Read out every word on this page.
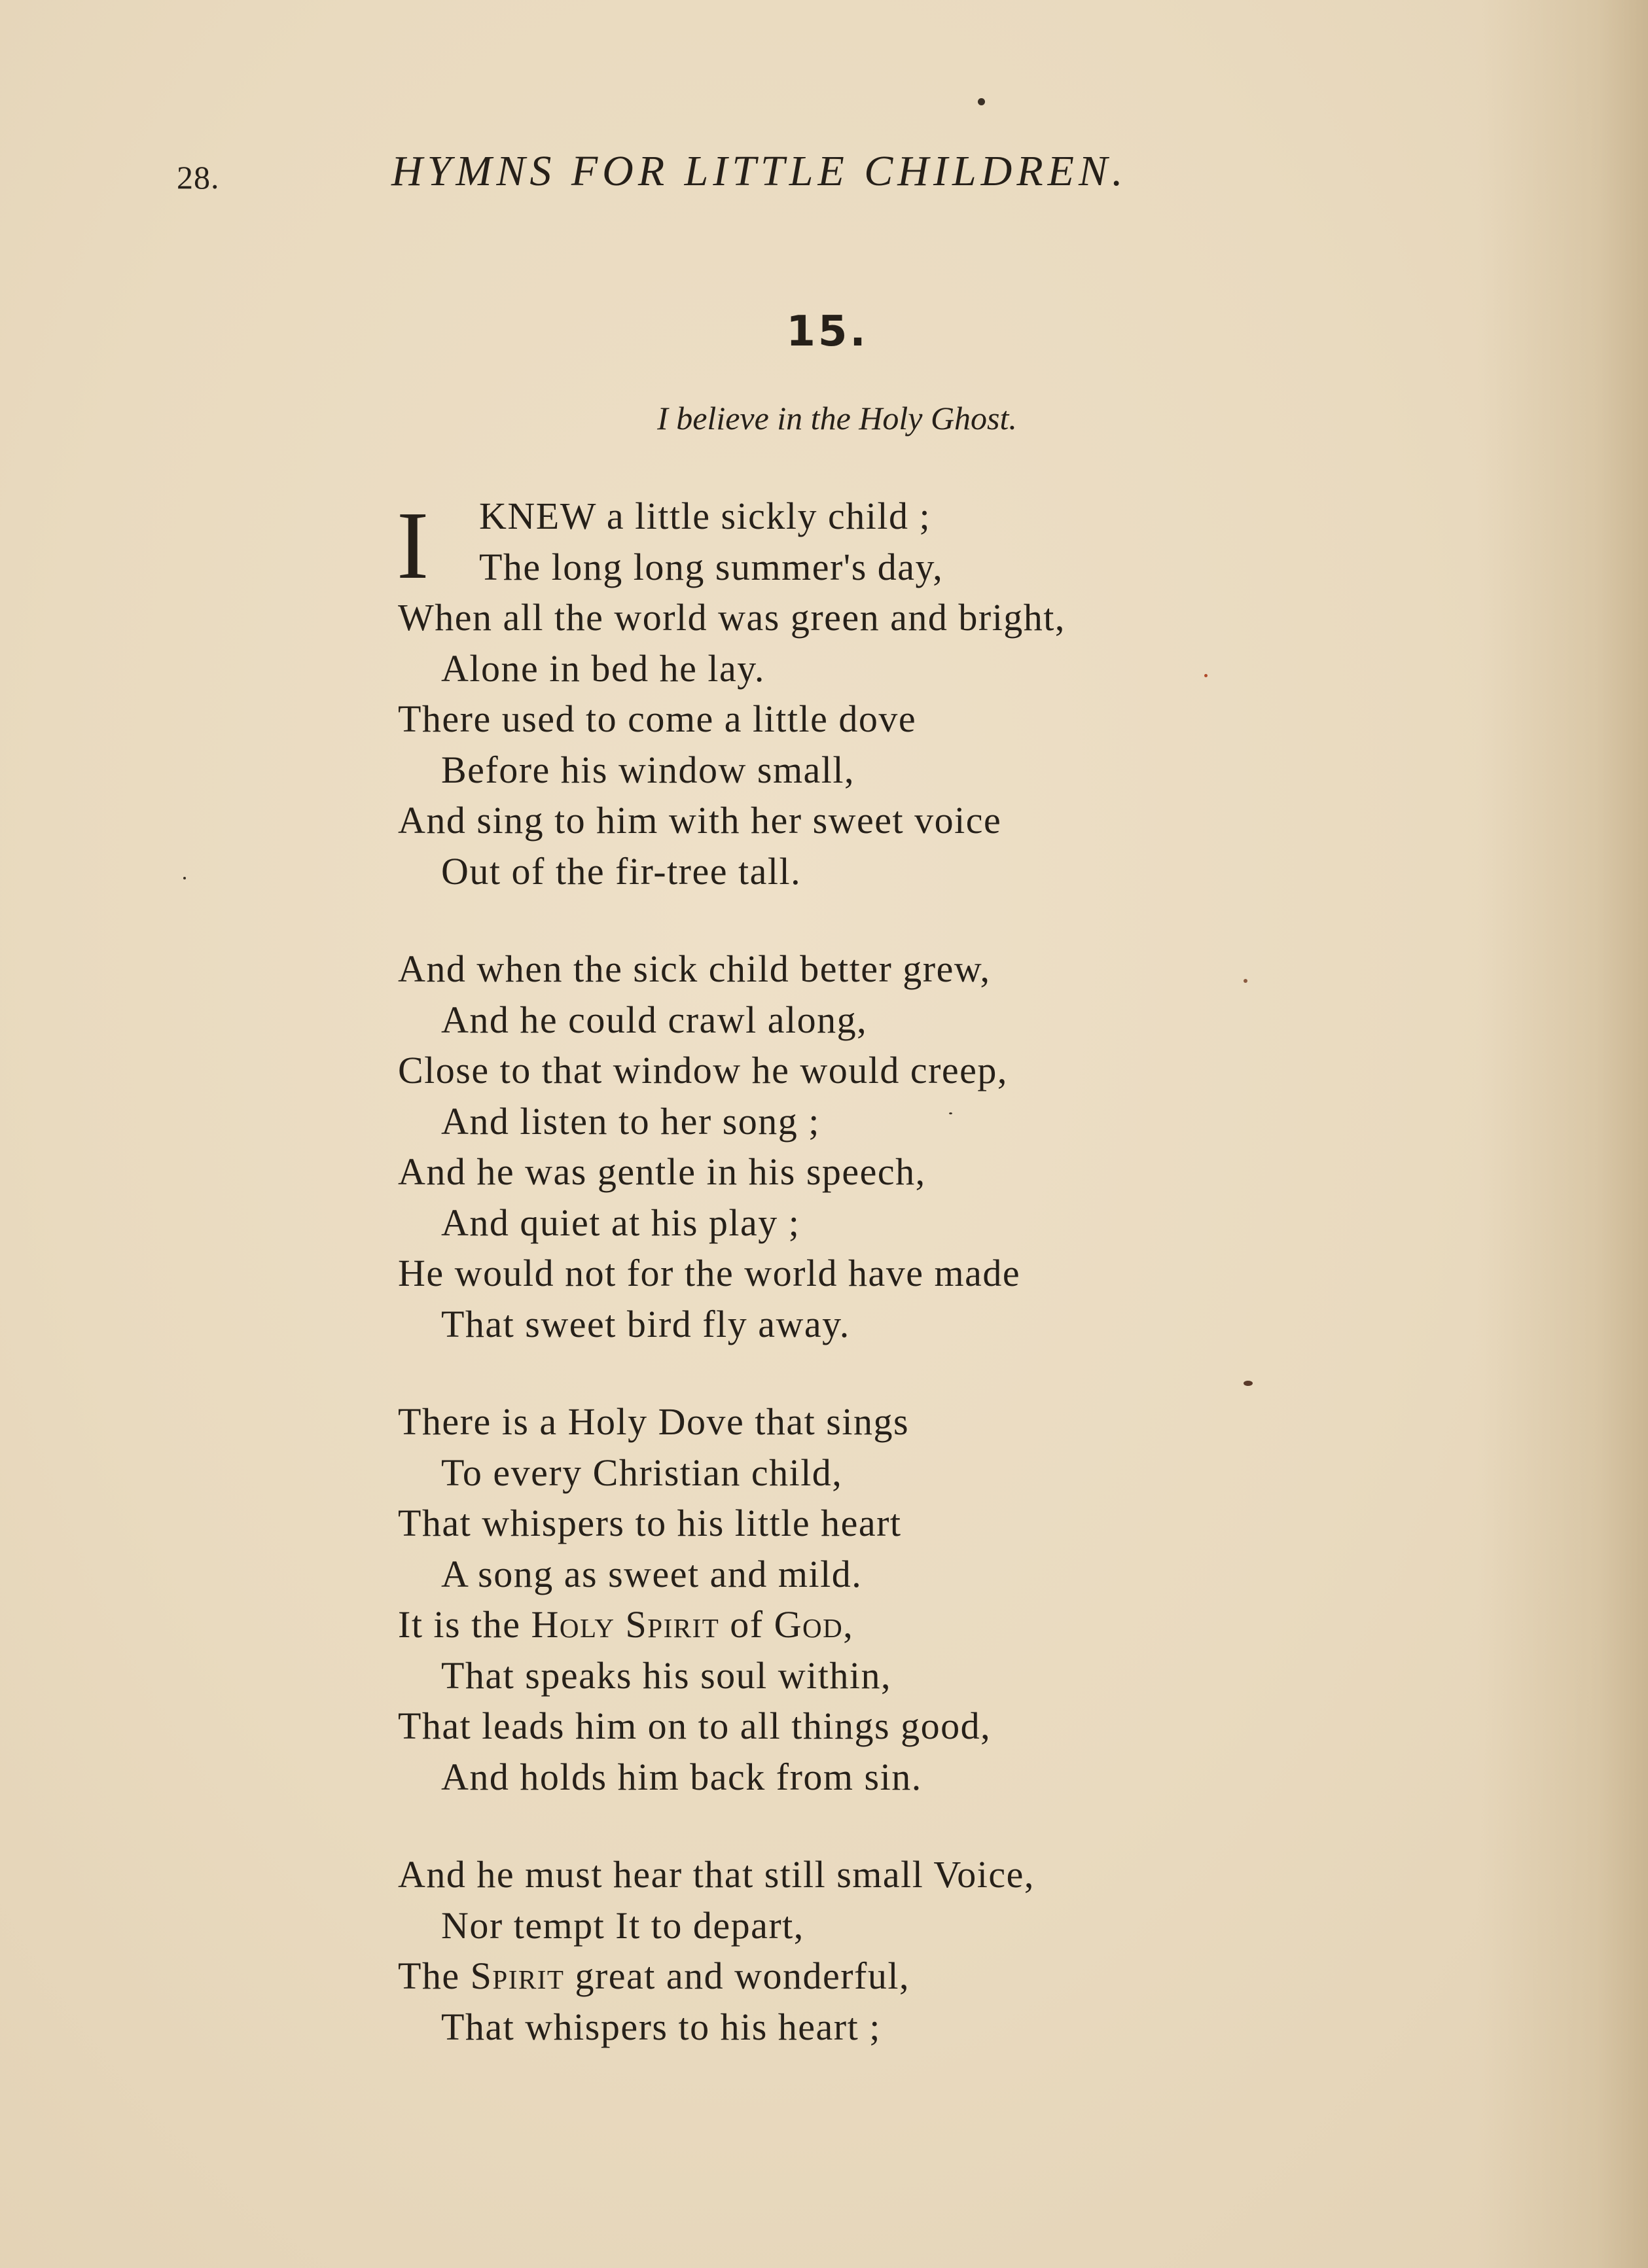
28.	HYMNS FOR LITTLE CHILDREN.
15.
I believe in the Holy Ghost.
I	KNEW a little sickly child ;
The long long summer's day,
When all the world was green and bright,
Alone in bed he lay.
There used to come a little dove
Before his window small,
And sing to him with her sweet voice
Out of the fir-tree tall.
And when the sick child better grew,
And he could crawl along,
Close to that window he would creep,
And listen to her song ;
And he was gentle in his speech,
And quiet at his play ;
He would not for the world have made
That sweet bird fly away.
There is a Holy Dove that sings
To every Christian child,
That whispers to his little heart
A song as sweet and mild.
It is the Holy Spirit of God,
That speaks his soul within,
That leads him on to all things good,
And holds him back from sin.
And he must hear that still small Voice,
Nor tempt It to depart,
The Spirit great and wonderful,
That whispers to his heart ;
